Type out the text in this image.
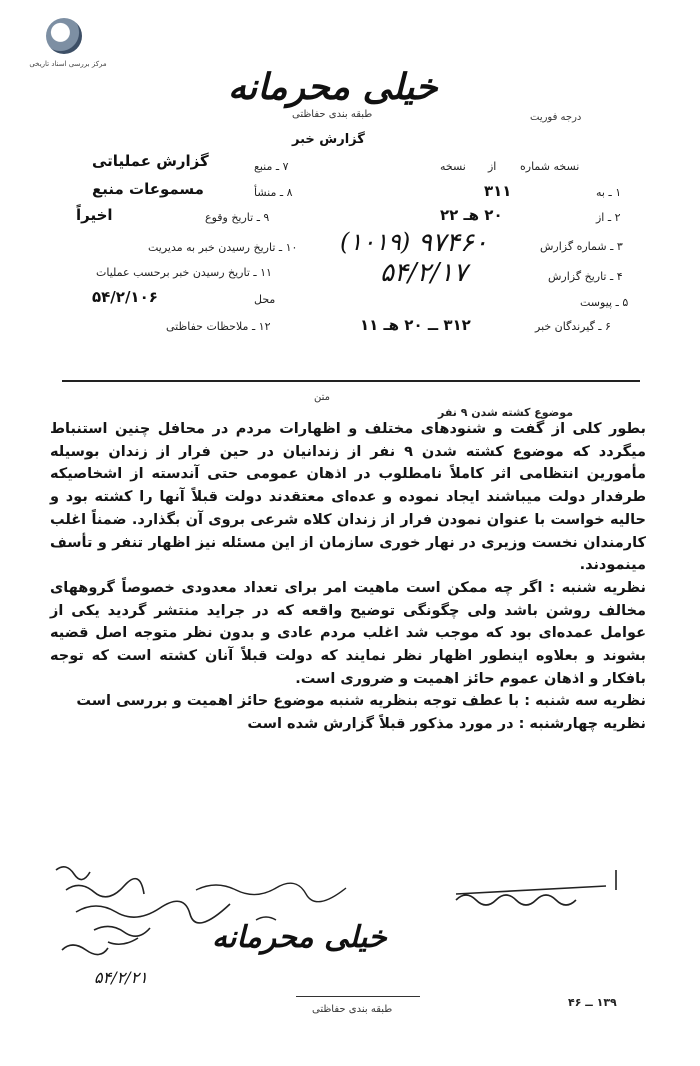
مرکز بررسی اسناد تاریخی
خیلی محرمانه
طبقه بندی حفاظتی	درجه فوریت
گزارش خبر
نسخه شماره
نسخه از
۱ ـ به
۳۱۱
۲ ـ از
۲۰ هـ ۲۲
۳ ـ شماره گزارش
۹۷۴۶۰
(۱۰۱۹)
۴ ـ تاریخ گزارش
۵۴/۲/۱۷
۵ ـ پیوست
۶ ـ گیرندگان خبر
۳۱۲ ــ ۲۰ هـ ۱۱
۷ ـ منبع
گزارش عملیاتی
۸ ـ منشأ
مسموعات منبع
۹ ـ تاریخ وقوع
اخیراً
۱۰ ـ تاریخ رسیدن خبر به مدیریت
۱۱ ـ تاریخ رسیدن خبر برحسب عملیات
محل
۵۴/۲/۱۰۶
۱۲ ـ ملاحظات حفاظتی
متن
موضوع کشته شدن ۹ نفر

بطور کلی از گفت و شنودهای مختلف و اظهارات مردم در محافل چنین استنباط میگردد که موضوع کشته شدن ۹ نفر از زندانیان در حین فرار از زندان بوسیله مأمورین انتظامی اثر کاملاً نامطلوب در اذهان عمومی حتی آندسته از اشخاصیکه طرفدار دولت میباشند ایجاد نموده و عده‌ای معتقدند دولت قبلاً آنها را کشته بود و حالیه خواست با عنوان نمودن فرار از زندان کلاه شرعی بروی آن بگذارد. ضمناً اغلب کارمندان نخست وزیری در نهار خوری سازمان از این مسئله نیز اظهار تنفر و تأسف مینمودند.

نظریه شنبه : اگر چه ممکن است ماهیت امر برای تعداد معدودی خصوصاً گروههای مخالف روشن باشد ولی چگونگی توضیح واقعه که در جراید منتشر گردید یکی از عوامل عمده‌ای بود که موجب شد اغلب مردم عادی و بدون نظر متوجه اصل قضیه بشوند و بعلاوه اینطور اظهار نظر نمایند که دولت قبلاً آنان کشته است که توجه بافکار و اذهان عموم حائز اهمیت و ضروری است.

نظریه سه شنبه : با عطف توجه بنظریه شنبه موضوع حائز اهمیت و بررسی است

نظریه چهارشنبه : در مورد مذکور قبلاً گزارش شده است

خیلی محرمانه
۵۴/۲/۲۱
طبقه بندی حفاظتی
۱۳۹ ــ ۴۶
